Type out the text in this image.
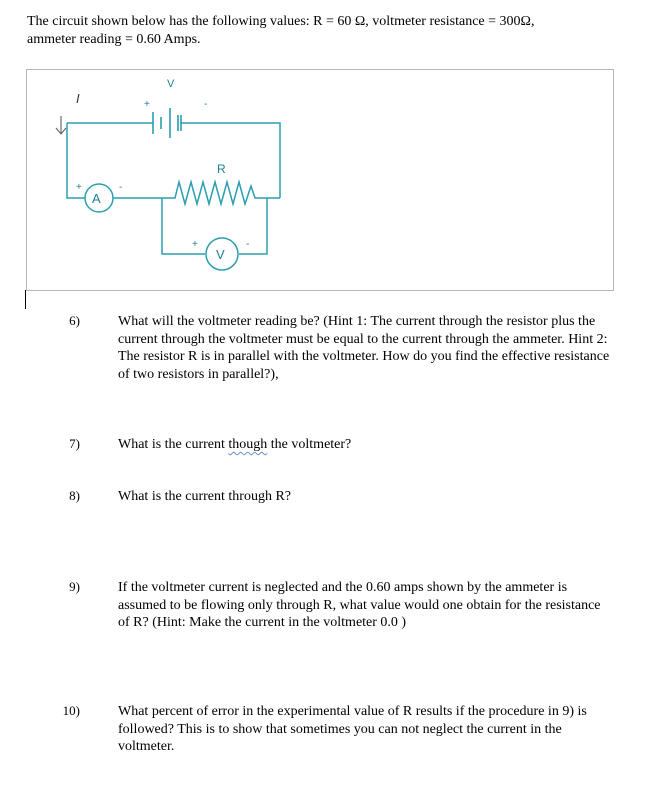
The circuit shown below has the following values: R = 60 Ω, voltmeter resistance = 300Ω,
ammeter reading = 0.60 Amps.
I
V
+	-
R
A
+	-
V
+	-
6)	What will the voltmeter reading be? (Hint 1: The current through the resistor plus the current through the voltmeter must be equal to the current through the ammeter. Hint 2: The resistor R is in parallel with the voltmeter. How do you find the effective resistance of two resistors in parallel?),
7)	What is the current though the voltmeter?
8)	What is the current through R?
9)	If the voltmeter current is neglected and the 0.60 amps shown by the ammeter is assumed to be flowing only through R, what value would one obtain for the resistance of R? (Hint: Make the current in the voltmeter 0.0 )
10)	What percent of error in the experimental value of R results if the procedure in 9) is followed? This is to show that sometimes you can not neglect the current in the voltmeter.
